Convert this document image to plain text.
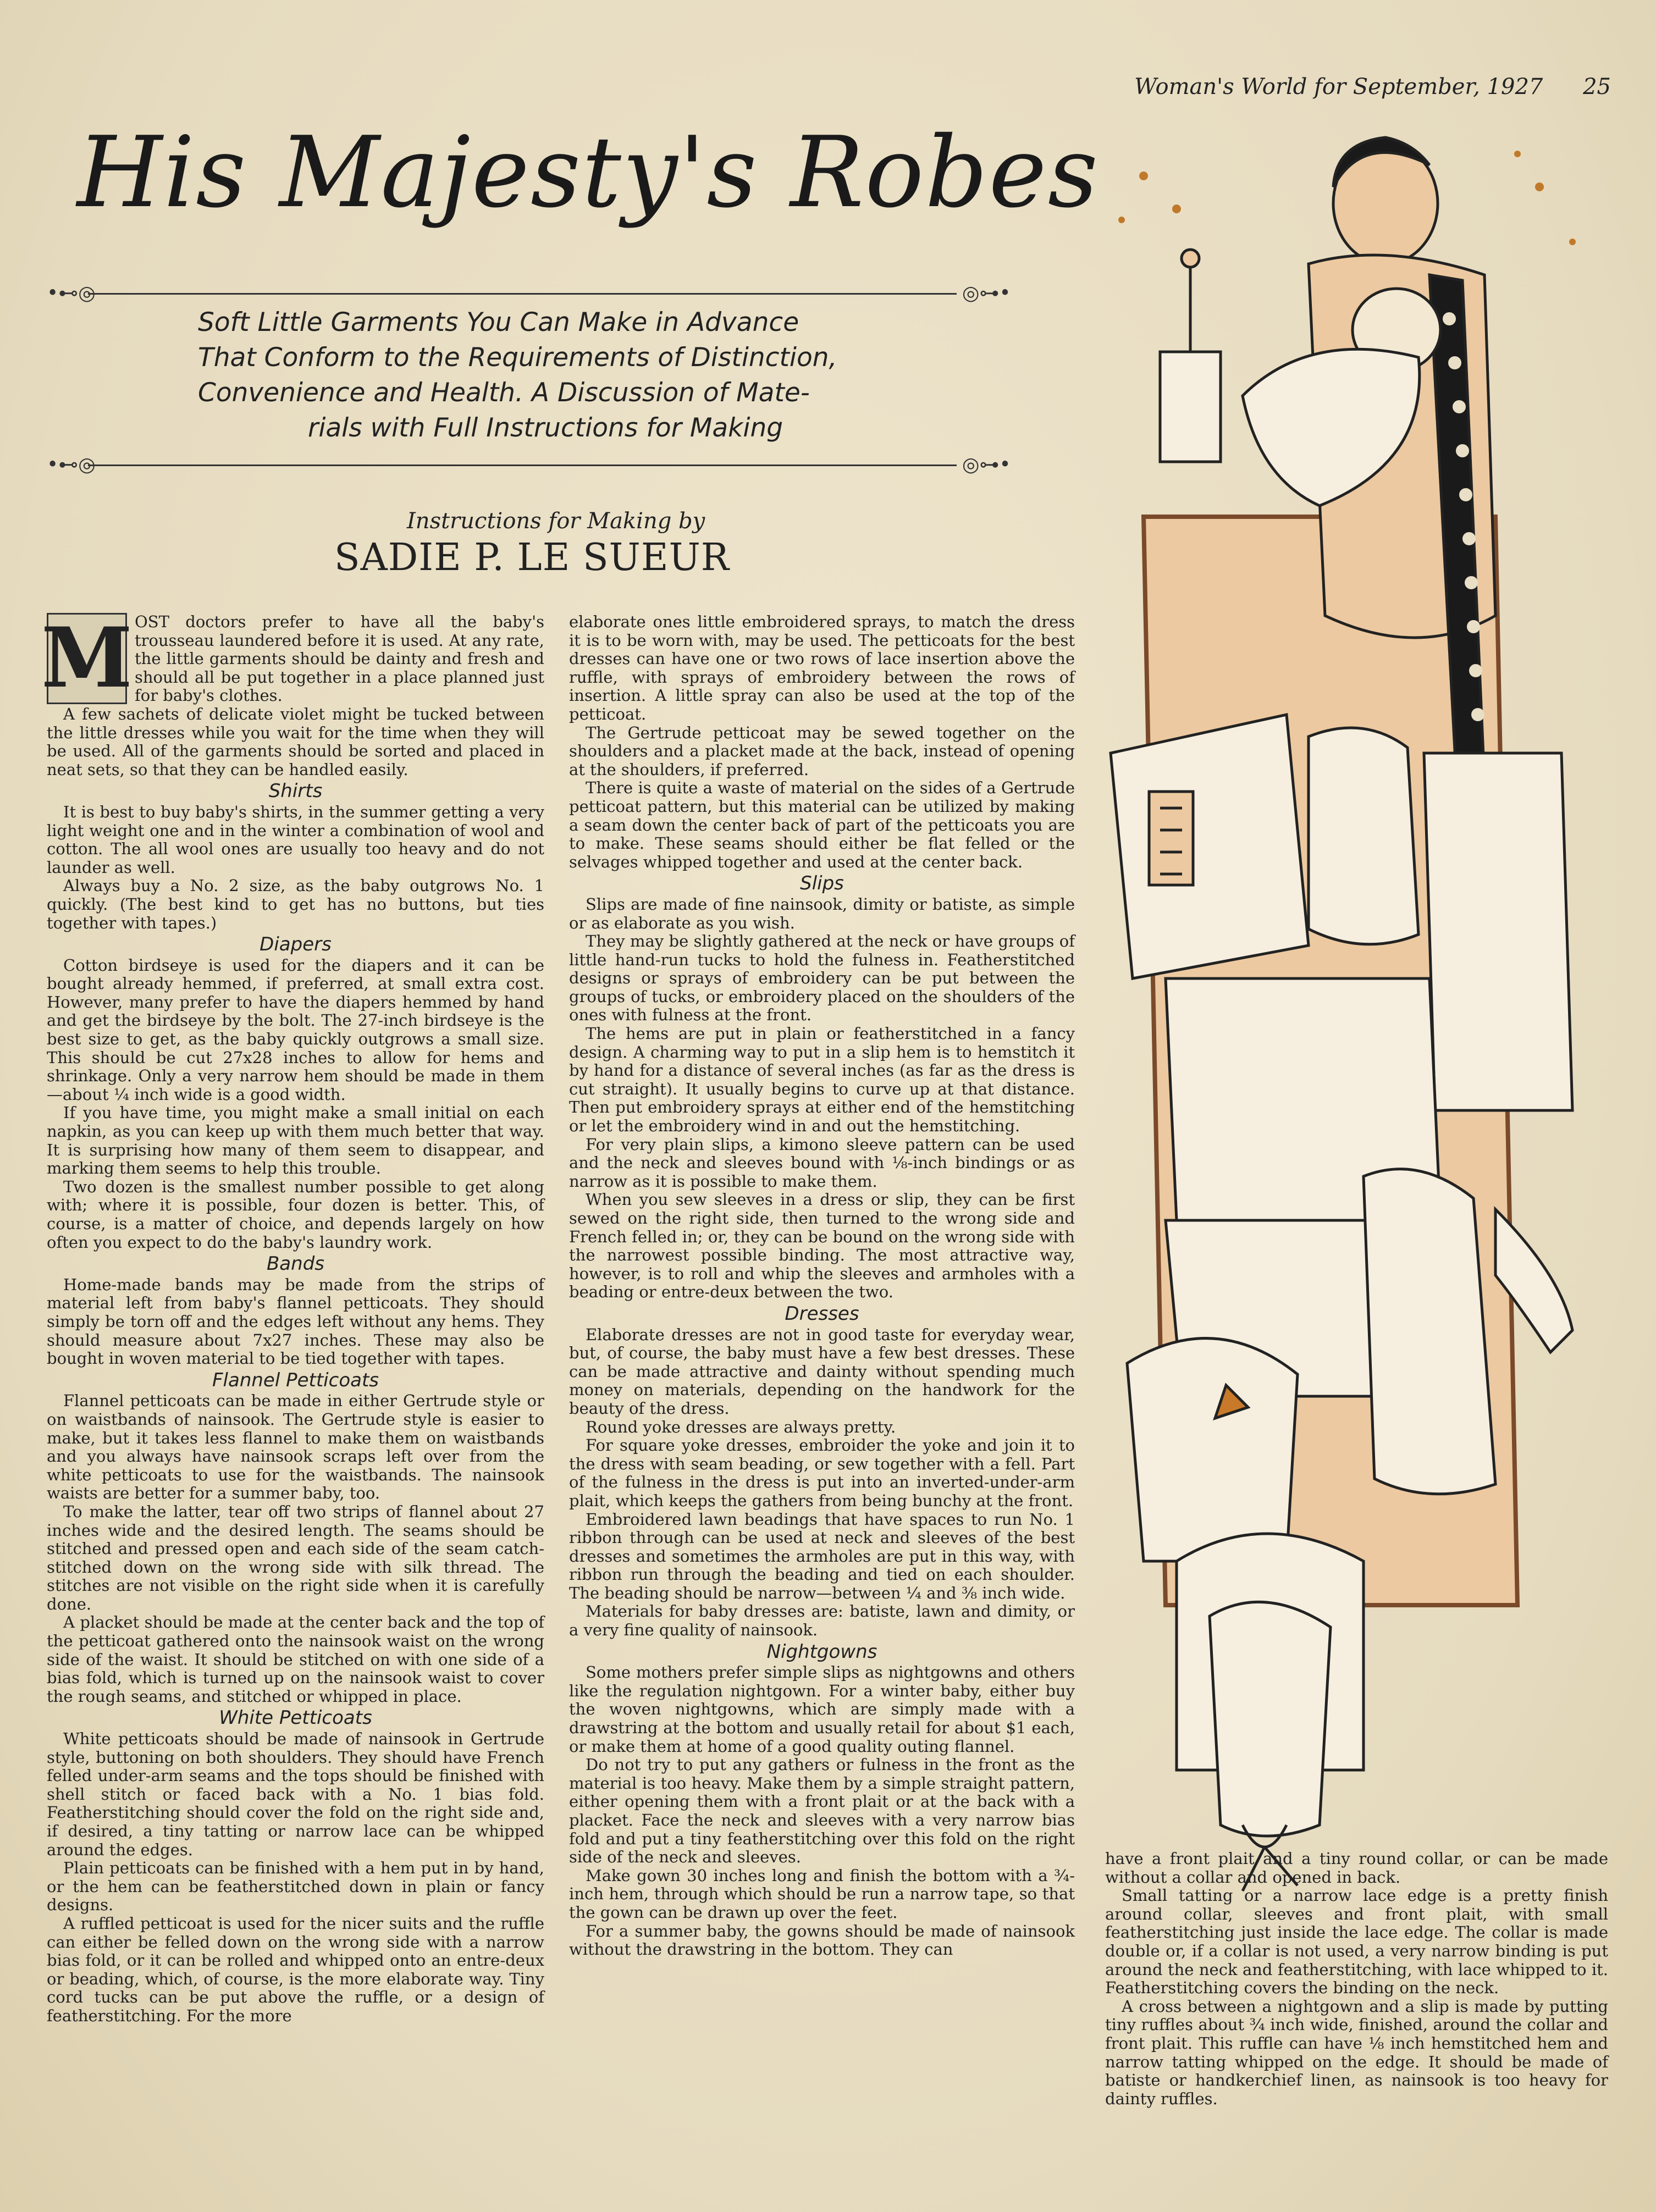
Woman's World for September, 1927 25
His Majesty's Robes
•⊷◎	◎⊶•

Soft Little Garments You Can Make in Advance

That Conform to the Requirements of Distinction,

Convenience and Health. A Discussion of Mate-

rials with Full Instructions for Making

•⊷◎	◎⊶•
Instructions for Making by
SADIE P. LE SUEUR
M OST doctors prefer to have all the baby's trousseau laundered before it is used. At any rate, the little garments should be dainty and fresh and should all be put together in a place planned just for baby's clothes.

A few sachets of delicate violet might be tucked between the little dresses while you wait for the time when they will be used. All of the garments should be sorted and placed in neat sets, so that they can be handled easily.

Shirts

It is best to buy baby's shirts, in the summer getting a very light weight one and in the winter a combination of wool and cotton. The all wool ones are usually too heavy and do not launder as well.

Always buy a No. 2 size, as the baby outgrows No. 1 quickly. (The best kind to get has no buttons, but ties together with tapes.)

Diapers

Cotton birdseye is used for the diapers and it can be bought already hemmed, if preferred, at small extra cost. However, many prefer to have the diapers hemmed by hand and get the birdseye by the bolt. The 27-inch birdseye is the best size to get, as the baby quickly outgrows a small size. This should be cut 27x28 inches to allow for hems and shrinkage. Only a very narrow hem should be made in them—about ¼ inch wide is a good width.

If you have time, you might make a small initial on each napkin, as you can keep up with them much better that way. It is surprising how many of them seem to disappear, and marking them seems to help this trouble.

Two dozen is the smallest number possible to get along with; where it is possible, four dozen is better. This, of course, is a matter of choice, and depends largely on how often you expect to do the baby's laundry work.

Bands

Home-made bands may be made from the strips of material left from baby's flannel petticoats. They should simply be torn off and the edges left without any hems. They should measure about 7x27 inches. These may also be bought in woven material to be tied together with tapes.

Flannel Petticoats

Flannel petticoats can be made in either Gertrude style or on waistbands of nainsook. The Gertrude style is easier to make, but it takes less flannel to make them on waistbands and you always have nainsook scraps left over from the white petticoats to use for the waistbands. The nainsook waists are better for a summer baby, too.

To make the latter, tear off two strips of flannel about 27 inches wide and the desired length. The seams should be stitched and pressed open and each side of the seam catch-stitched down on the wrong side with silk thread. The stitches are not visible on the right side when it is carefully done.

A placket should be made at the center back and the top of the petticoat gathered onto the nainsook waist on the wrong side of the waist. It should be stitched on with one side of a bias fold, which is turned up on the nainsook waist to cover the rough seams, and stitched or whipped in place.

White Petticoats

White petticoats should be made of nainsook in Gertrude style, buttoning on both shoulders. They should have French felled under-arm seams and the tops should be finished with shell stitch or faced back with a No. 1 bias fold. Featherstitching should cover the fold on the right side and, if desired, a tiny tatting or narrow lace can be whipped around the edges.

Plain petticoats can be finished with a hem put in by hand, or the hem can be featherstitched down in plain or fancy designs.

A ruffled petticoat is used for the nicer suits and the ruffle can either be felled down on the wrong side with a narrow bias fold, or it can be rolled and whipped onto an entre-deux or beading, which, of course, is the more elaborate way. Tiny cord tucks can be put above the ruffle, or a design of featherstitching. For the more

elaborate ones little embroidered sprays, to match the dress it is to be worn with, may be used. The petticoats for the best dresses can have one or two rows of lace insertion above the ruffle, with sprays of embroidery between the rows of insertion. A little spray can also be used at the top of the petticoat.

The Gertrude petticoat may be sewed together on the shoulders and a placket made at the back, instead of opening at the shoulders, if preferred.

There is quite a waste of material on the sides of a Gertrude petticoat pattern, but this material can be utilized by making a seam down the center back of part of the petticoats you are to make. These seams should either be flat felled or the selvages whipped together and used at the center back.

Slips

Slips are made of fine nainsook, dimity or batiste, as simple or as elaborate as you wish.

They may be slightly gathered at the neck or have groups of little hand-run tucks to hold the fulness in. Featherstitched designs or sprays of embroidery can be put between the groups of tucks, or embroidery placed on the shoulders of the ones with fulness at the front.

The hems are put in plain or featherstitched in a fancy design. A charming way to put in a slip hem is to hemstitch it by hand for a distance of several inches (as far as the dress is cut straight). It usually begins to curve up at that distance. Then put embroidery sprays at either end of the hemstitching or let the embroidery wind in and out the hemstitching.

For very plain slips, a kimono sleeve pattern can be used and the neck and sleeves bound with ⅛-inch bindings or as narrow as it is possible to make them.

When you sew sleeves in a dress or slip, they can be first sewed on the right side, then turned to the wrong side and French felled in; or, they can be bound on the wrong side with the narrowest possible binding. The most attractive way, however, is to roll and whip the sleeves and armholes with a beading or entre-deux between the two.

Dresses

Elaborate dresses are not in good taste for everyday wear, but, of course, the baby must have a few best dresses. These can be made attractive and dainty without spending much money on materials, depending on the handwork for the beauty of the dress.

Round yoke dresses are always pretty.

For square yoke dresses, embroider the yoke and join it to the dress with seam beading, or sew together with a fell. Part of the fulness in the dress is put into an inverted-under-arm plait, which keeps the gathers from being bunchy at the front.

Embroidered lawn beadings that have spaces to run No. 1 ribbon through can be used at neck and sleeves of the best dresses and sometimes the armholes are put in this way, with ribbon run through the beading and tied on each shoulder. The beading should be narrow—between ¼ and ⅜ inch wide.

Materials for baby dresses are: batiste, lawn and dimity, or a very fine quality of nainsook.

Nightgowns

Some mothers prefer simple slips as nightgowns and others like the regulation nightgown. For a winter baby, either buy the woven nightgowns, which are simply made with a drawstring at the bottom and usually retail for about $1 each, or make them at home of a good quality outing flannel.

Do not try to put any gathers or fulness in the front as the material is too heavy. Make them by a simple straight pattern, either opening them with a front plait or at the back with a placket. Face the neck and sleeves with a very narrow bias fold and put a tiny featherstitching over this fold on the right side of the neck and sleeves.

Make gown 30 inches long and finish the bottom with a ¾-inch hem, through which should be run a narrow tape, so that the gown can be drawn up over the feet.

For a summer baby, the gowns should be made of nainsook without the drawstring in the bottom. They can

have a front plait and a tiny round collar, or can be made without a collar and opened in back.

Small tatting or a narrow lace edge is a pretty finish around collar, sleeves and front plait, with small featherstitching just inside the lace edge. The collar is made double or, if a collar is not used, a very narrow binding is put around the neck and featherstitching, with lace whipped to it. Featherstitching covers the binding on the neck.

A cross between a nightgown and a slip is made by putting tiny ruffles about ¾ inch wide, finished, around the collar and front plait. This ruffle can have ⅛ inch hemstitched hem and narrow tatting whipped on the edge. It should be made of batiste or handkerchief linen, as nainsook is too heavy for dainty ruffles.
